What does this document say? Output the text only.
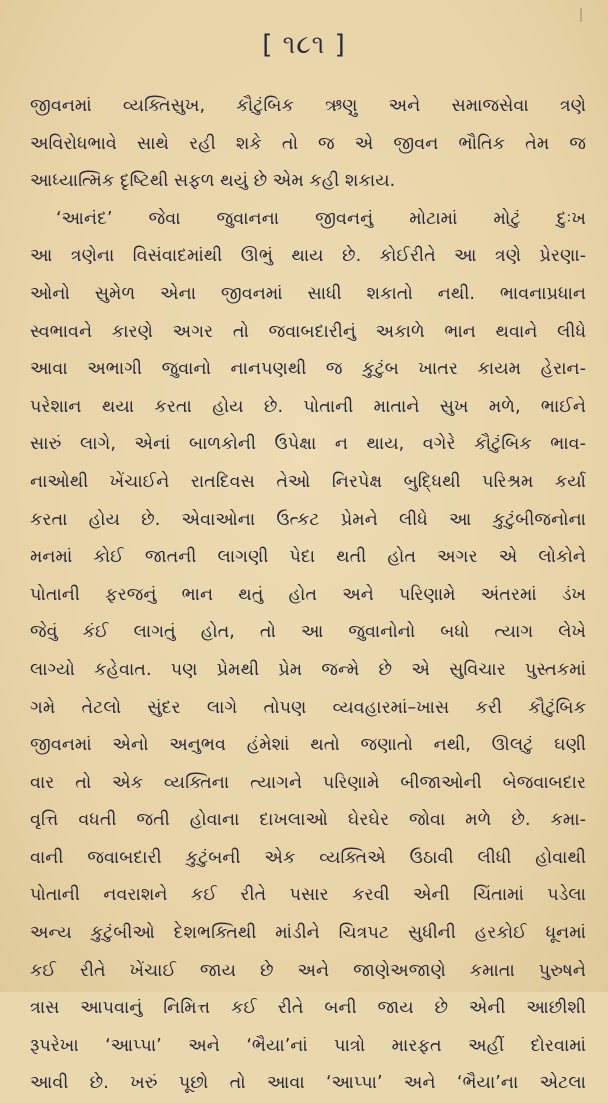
[ ૧૮૧ ]
જીવનમાં વ્યક્તિસુખ, કૌટુંબિક ઋણુ અને સમાજસેવા ત્રણે
અવિરોધભાવે સાથે રહી શકે તો જ એ જીવન ભૌતિક તેમ જ
આધ્યાત્મિક દૃષ્ટિથી સફળ થયું છે એમ કહી શકાય.
‘આનંદ’ જેવા જુવાનના જીવનનું મોટામાં મોટું દુઃખ
આ ત્રણેના વિસંવાદમાંથી ઊભું થાય છે. કોઈરીતે આ ત્રણે પ્રેરણા-
ઓનો સુમેળ એના જીવનમાં સાધી શકાતો નથી. ભાવનાપ્રધાન
સ્વભાવને કારણે અગર તો જવાબદારીનું અકાળે ભાન થવાને લીધે
આવા અભાગી જુવાનો નાનપણથી જ કુટુંબ ખાતર કાયમ હેરાન-
પરેશાન થયા કરતા હોય છે. પોતાની માતાને સુખ મળે, ભાઈને
સારું લાગે, એનાં બાળકોની ઉપેક્ષા ન થાય, વગેરે કૌટુંબિક ભાવ-
નાઓથી ખેંચાઈને રાતદિવસ તેઓ નિરપેક્ષ બુદ્ધિથી પરિશ્રમ કર્યા
કરતા હોય છે. એવાઓના ઉત્કટ પ્રેમને લીધે આ કુટુંબીજનોના
મનમાં કોઈ જાતની લાગણી પેદા થતી હોત અગર એ લોકોને
પોતાની ફરજનું ભાન થતું હોત અને પરિણામે અંતરમાં ડંખ
જેવું કંઈ લાગતું હોત, તો આ જુવાનોનો બધો ત્યાગ લેખે
લાગ્યો કહેવાત. પણ પ્રેમથી પ્રેમ જન્મે છે એ સુવિચાર પુસ્તકમાં
ગમે તેટલો સુંદર લાગે તોપણ વ્યવહારમાં–ખાસ કરી કૌટુંબિક
જીવનમાં એનો અનુભવ હંમેશાં થતો જણાતો નથી, ઊલટું ઘણી
વાર તો એક વ્યક્તિના ત્યાગને પરિણામે બીજાઓની બેજવાબદાર
વૃત્તિ વધતી જતી હોવાના દાખલાઓ ઘેરઘેર જોવા મળે છે. કમા-
વાની જવાબદારી કુટુંબની એક વ્યક્તિએ ઉઠાવી લીધી હોવાથી
પોતાની નવરાશને કઈ રીતે પસાર કરવી એની ચિંતામાં પડેલા
અન્ય કુટુંબીઓ દેશભક્તિથી માંડીને ચિત્રપટ સુધીની હરકોઈ ધૂનમાં
કઈ રીતે ખેંચાઈ જાય છે અને જાણેઅજાણે કમાતા પુરુષને
ત્રાસ આપવાનું નિમિત્ત કઈ રીતે બની જાય છે એની આછીશી
રૂપરેખા ‘આપ્પા’ અને ‘ભૈયા’નાં પાત્રો મારફત અહીં દોરવામાં
આવી છે. ખરું પૂછો તો આવા ‘આપ્પા’ અને ‘ભૈયા’ના એટલા
